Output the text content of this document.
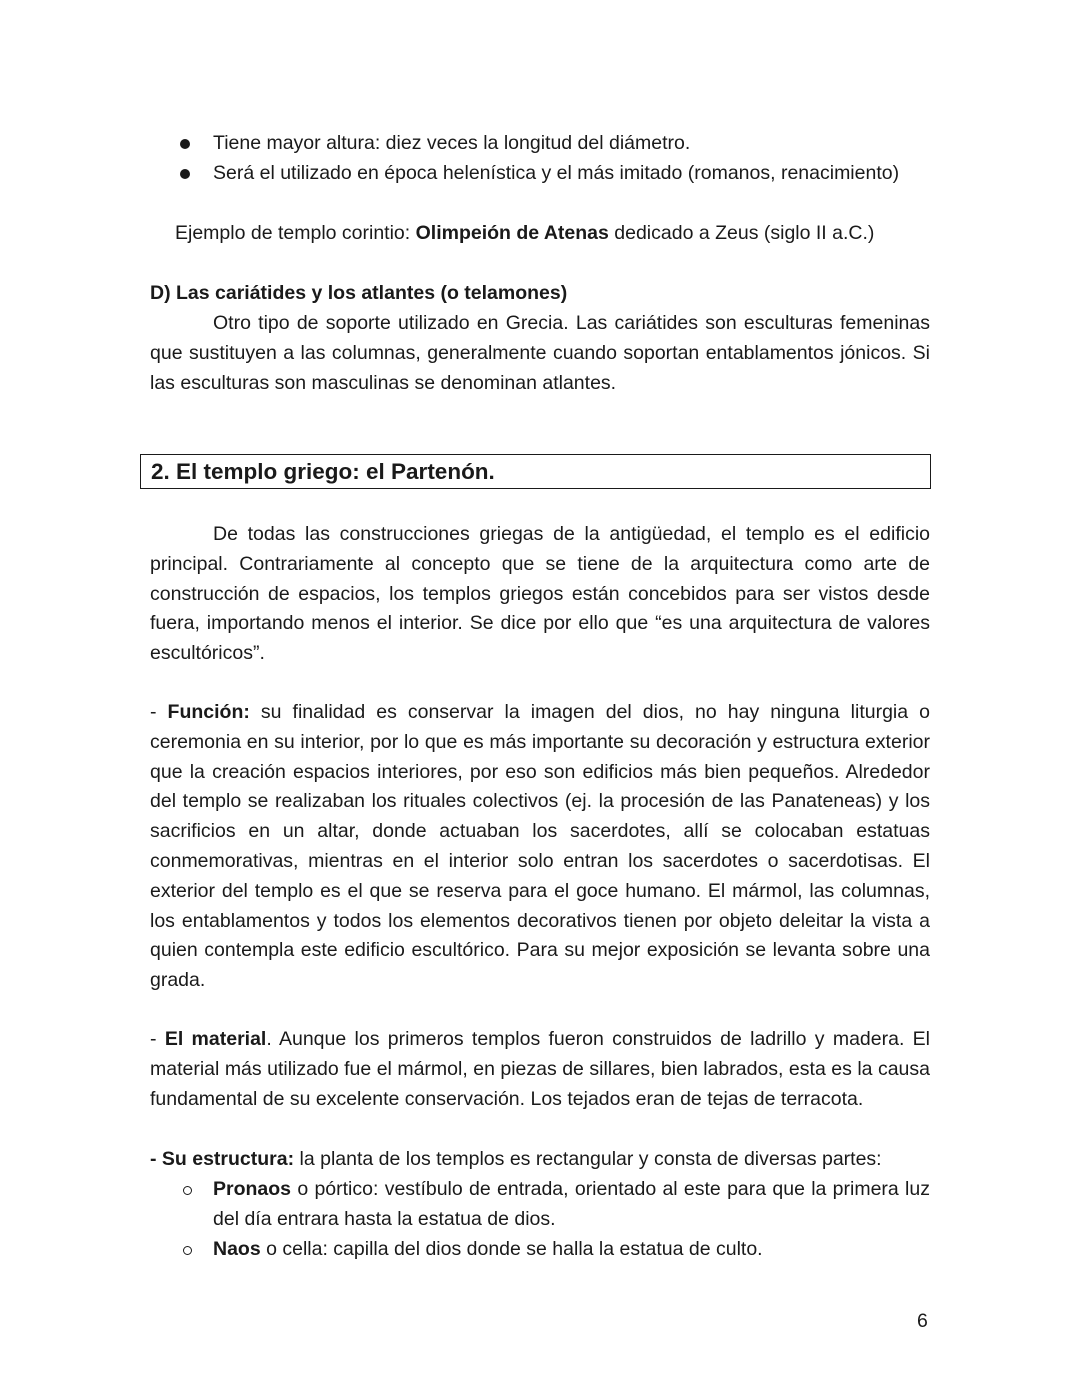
Tiene mayor altura: diez veces la longitud del diámetro.
Será el utilizado en época helenística y el más imitado (romanos, renacimiento)
Ejemplo de templo corintio: Olimpeión de Atenas dedicado a Zeus (siglo II a.C.)
D) Las cariátides y los atlantes (o telamones)

Otro tipo de soporte utilizado en Grecia. Las cariátides son esculturas femeninas que sustituyen a las columnas, generalmente cuando soportan entablamentos jónicos. Si las esculturas son masculinas se denominan atlantes.

2. El templo griego: el Partenón.

De todas las construcciones griegas de la antigüedad, el templo es el edificio principal. Contrariamente al concepto que se tiene de la arquitectura como arte de construcción de espacios, los templos griegos están concebidos para ser vistos desde fuera, importando menos el interior. Se dice por ello que “es una arquitectura de valores escultóricos”.

- Función: su finalidad es conservar la imagen del dios, no hay ninguna liturgia o ceremonia en su interior, por lo que es más importante su decoración y estructura exterior que la creación espacios interiores, por eso son edificios más bien pequeños. Alrededor del templo se realizaban los rituales colectivos (ej. la procesión de las Panateneas) y los sacrificios en un altar, donde actuaban los sacerdotes, allí se colocaban estatuas conmemorativas, mientras en el interior solo entran los sacerdotes o sacerdotisas. El exterior del templo es el que se reserva para el goce humano. El mármol, las columnas, los entablamentos y todos los elementos decorativos tienen por objeto deleitar la vista a quien contempla este edificio escultórico. Para su mejor exposición se levanta sobre una grada.

- El material. Aunque los primeros templos fueron construidos de ladrillo y madera. El material más utilizado fue el mármol, en piezas de sillares, bien labrados, esta es la causa fundamental de su excelente conservación. Los tejados eran de tejas de terracota.

- Su estructura: la planta de los templos es rectangular y consta de diversas partes:

Pronaos o pórtico: vestíbulo de entrada, orientado al este para que la primera luz del día entrara hasta la estatua de dios.
Naos o cella: capilla del dios donde se halla la estatua de culto.
6
